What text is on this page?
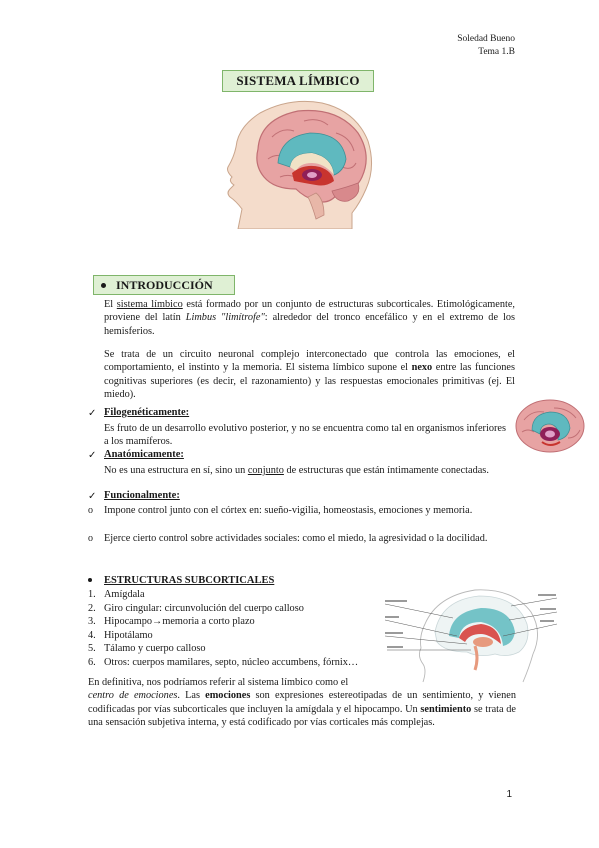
Soledad Bueno
Tema 1.B
SISTEMA LÍMBICO
INTRODUCCIÓN
El sistema límbico está formado por un conjunto de estructuras subcorticales. Etimológicamente, proviene del latín Limbus "limítrofe": alrededor del tronco encefálico y en el extremo de los hemisferios.
Se trata de un circuito neuronal complejo interconectado que controla las emociones, el comportamiento, el instinto y la memoria. El sistema límbico supone el nexo entre las funciones cognitivas superiores (es decir, el razonamiento) y las respuestas emocionales primitivas (ej. El miedo).
✓ Filogenéticamente:
Es fruto de un desarrollo evolutivo posterior, y no se encuentra como tal en organismos inferiores a los mamíferos.
✓ Anatómicamente:
No es una estructura en sí, sino un conjunto de estructuras que están íntimamente conectadas.
✓ Funcionalmente:
o Impone control junto con el córtex en: sueño-vigilia, homeostasis, emociones y memoria.
o Ejerce cierto control sobre actividades sociales: como el miedo, la agresividad o la docilidad.
ESTRUCTURAS SUBCORTICALES
1. Amígdala
2. Giro cingular: circunvolución del cuerpo calloso
3. Hipocampo→memoria a corto plazo
4. Hipotálamo
5. Tálamo y cuerpo calloso
6. Otros: cuerpos mamilares, septo, núcleo accumbens, fórnix…
En definitiva, nos podríamos referir al sistema límbico como el
centro de emociones. Las emociones son expresiones estereotipadas de un sentimiento, y vienen codificadas por vías subcorticales que incluyen la amígdala y el hipocampo. Un sentimiento se trata de una sensación subjetiva interna, y está codificado por vías corticales más complejas.
1
